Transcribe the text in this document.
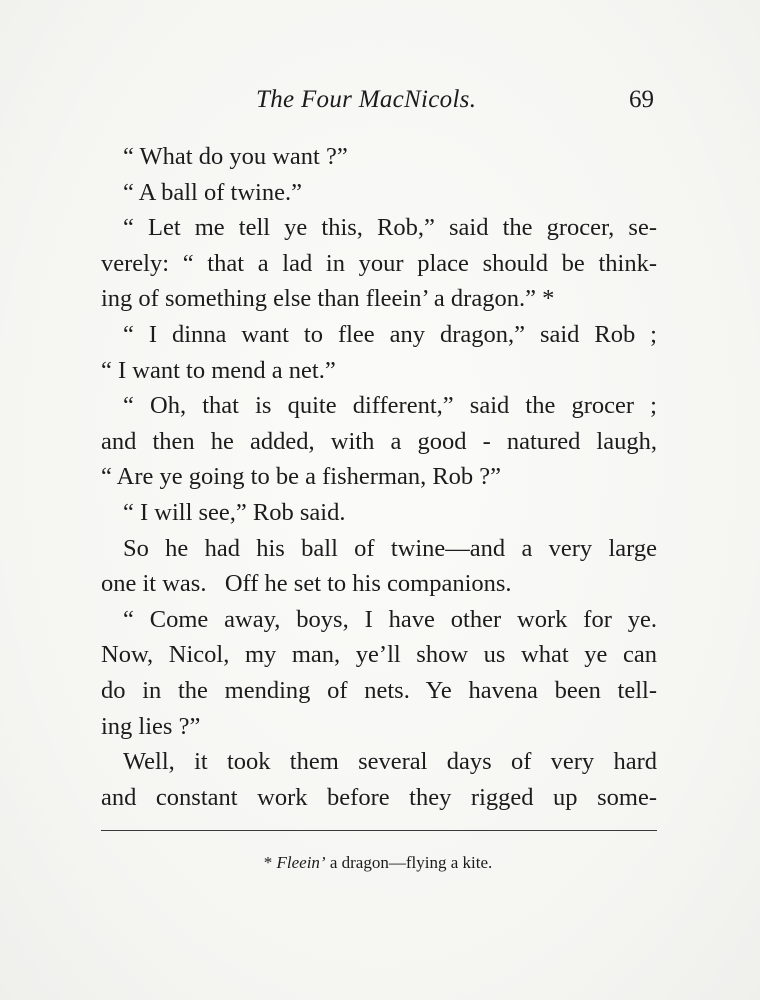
The Four MacNicols.	69
“ What do you want ?”
“ A ball of twine.”
“ Let me tell ye this, Rob,” said the grocer, se-
verely: “ that a lad in your place should be think-
ing of something else than fleein’ a dragon.” *
“ I dinna want to flee any dragon,” said Rob ;
“ I want to mend a net.”
“ Oh, that is quite different,” said the grocer ;
and then he added, with a good - natured laugh,
“ Are ye going to be a fisherman, Rob ?”
“ I will see,” Rob said.
So he had his ball of twine—and a very large
one it was.   Off he set to his companions.
“ Come away, boys, I have other work for ye.
Now, Nicol, my man, ye’ll show us what ye can
do in the mending of nets. Ye havena been tell-
ing lies ?”
Well, it took them several days of very hard
and constant work before they rigged up some-
* Fleein’ a dragon—flying a kite.
